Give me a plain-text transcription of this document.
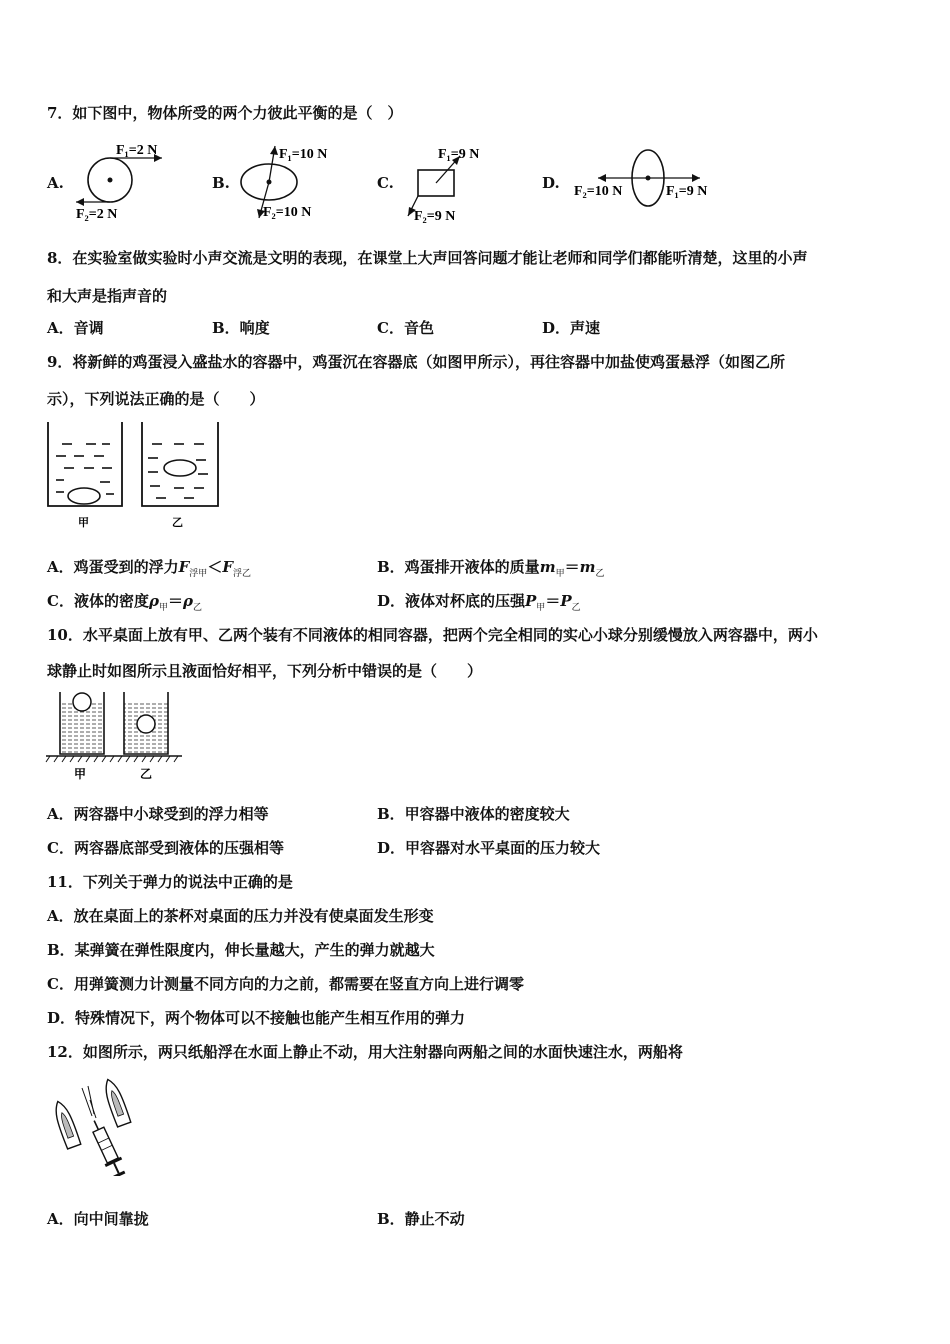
7．如下图中，物体所受的两个力彼此平衡的是（　）
A.
F₁=2 N
F₂=2 N
B.
F₁=10 N
F₂=10 N
C.
F₁=9 N
F₂=9 N
D. F₂=10 N	F₁=9 N
8．在实验室做实验时小声交流是文明的表现，在课堂上大声回答问题才能让老师和同学们都能听清楚，这里的小声
和大声是指声音的
A．音调	B．响度	C．音色	D．声速
9．将新鲜的鸡蛋浸入盛盐水的容器中，鸡蛋沉在容器底（如图甲所示），再往容器中加盐使鸡蛋悬浮（如图乙所
示），下列说法正确的是（　　）
甲	乙
A．鸡蛋受到的浮力$F_{浮甲}<F_{浮乙}$	B．鸡蛋排开液体的质量$m_甲=m_乙$
C．液体的密度$\rho_甲=\rho_乙$	D．液体对杯底的压强$P_甲=P_乙$
10．水平桌面上放有甲、乙两个装有不同液体的相同容器，把两个完全相同的实心小球分别缓慢放入两容器中，两小
球静止时如图所示且液面恰好相平，下列分析中错误的是（　　）
甲	乙
A．两容器中小球受到的浮力相等	B．甲容器中液体的密度较大
C．两容器底部受到液体的压强相等	D．甲容器对水平桌面的压力较大
11．下列关于弹力的说法中正确的是
A．放在桌面上的茶杯对桌面的压力并没有使桌面发生形变
B．某弹簧在弹性限度内，伸长量越大，产生的弹力就越大
C．用弹簧测力计测量不同方向的力之前，都需要在竖直方向上进行调零
D．特殊情况下，两个物体可以不接触也能产生相互作用的弹力
12．如图所示，两只纸船浮在水面上静止不动，用大注射器向两船之间的水面快速注水，两船将
A．向中间靠拢	B．静止不动
